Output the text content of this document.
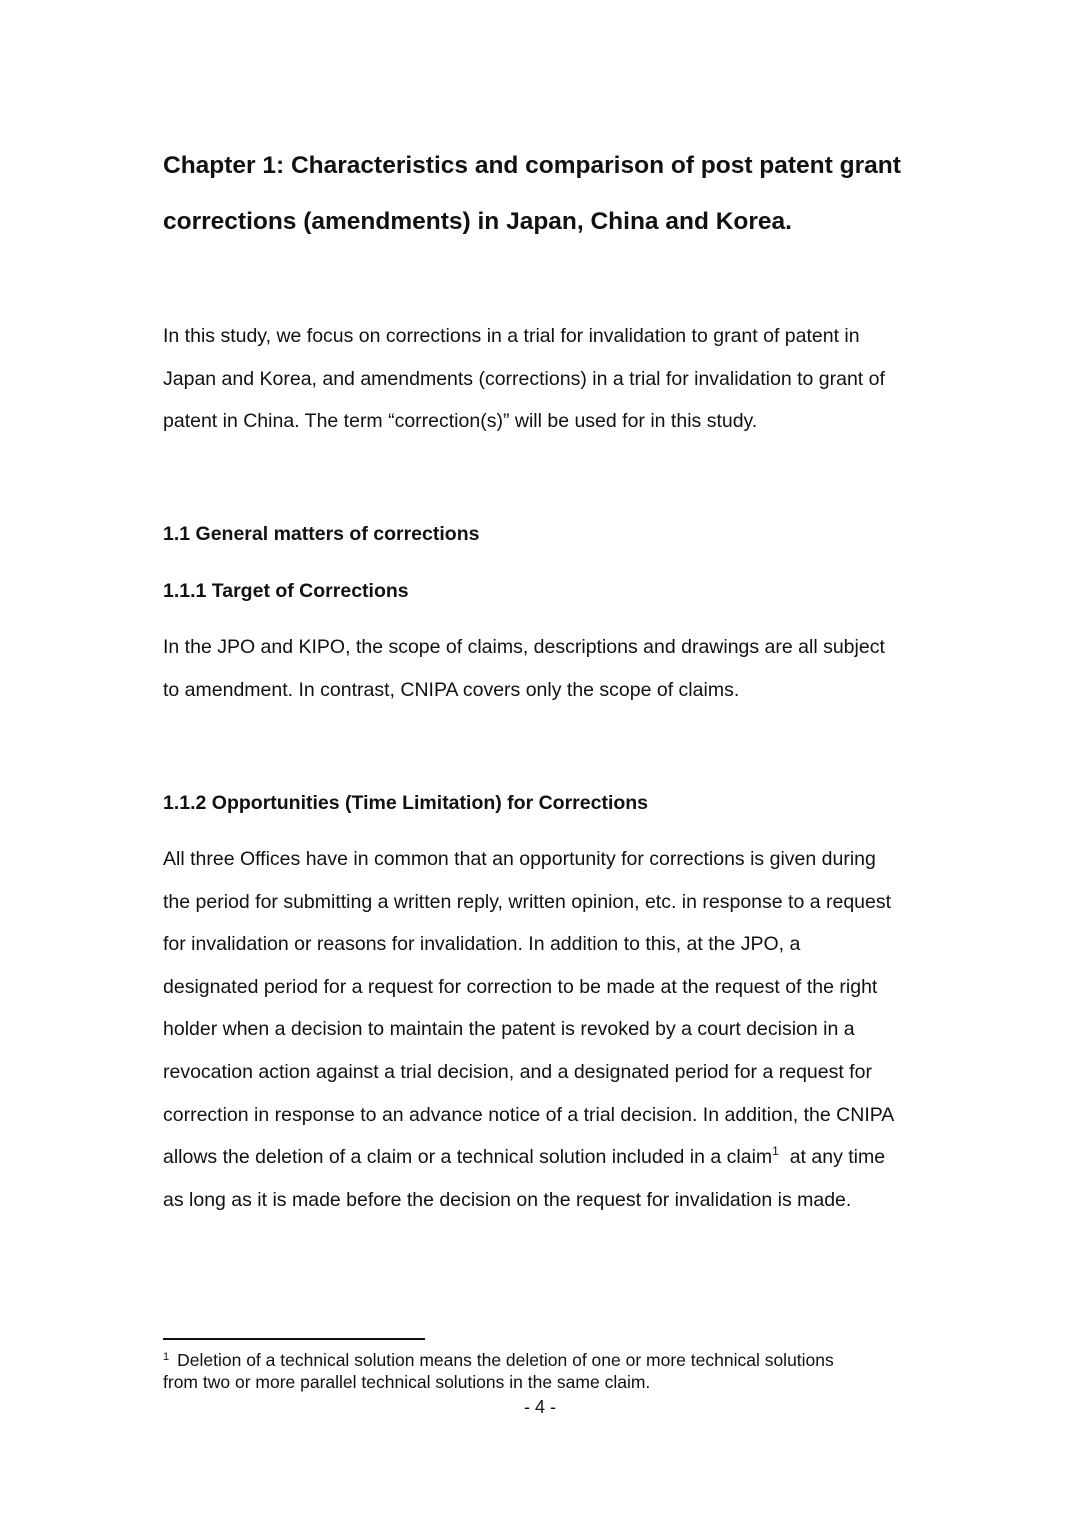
Chapter 1: Characteristics and comparison of post patent grant
corrections (amendments) in Japan, China and Korea.

In this study, we focus on corrections in a trial for invalidation to grant of patent in
Japan and Korea, and amendments (corrections) in a trial for invalidation to grant of
patent in China. The term “correction(s)” will be used for in this study.

1.1 General matters of corrections
1.1.1 Target of Corrections

In the JPO and KIPO, the scope of claims, descriptions and drawings are all subject
to amendment. In contrast, CNIPA covers only the scope of claims.

1.1.2 Opportunities (Time Limitation) for Corrections

All three Offices have in common that an opportunity for corrections is given during
the period for submitting a written reply, written opinion, etc. in response to a request
for invalidation or reasons for invalidation. In addition to this, at the JPO, a
designated period for a request for correction to be made at the request of the right
holder when a decision to maintain the patent is revoked by a court decision in a
revocation action against a trial decision, and a designated period for a request for
correction in response to an advance notice of a trial decision. In addition, the CNIPA
allows the deletion of a claim or a technical solution included in a claim$^1$ at any time
as long as it is made before the decision on the request for invalidation is made.

$^1$ Deletion of a technical solution means the deletion of one or more technical solutions
from two or more parallel technical solutions in the same claim.

- 4 -
